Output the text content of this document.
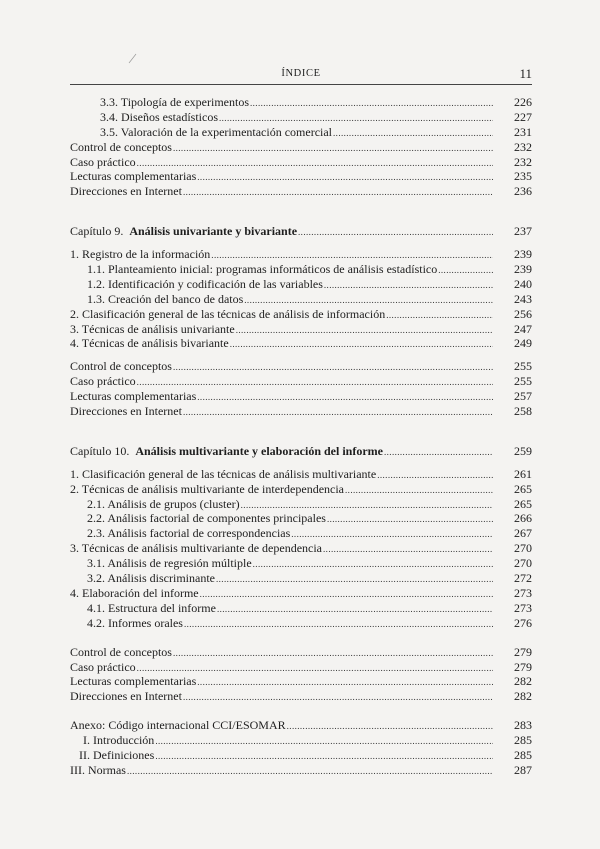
ÍNDICE	11
3.3. Tipología de experimentos .....	226
3.4. Diseños estadísticos .....	227
3.5. Valoración de la experimentación comercial .....	231
Control de conceptos .....	232
Caso práctico .....	232
Lecturas complementarias .....	235
Direcciones en Internet .....	236
Capítulo 9. Análisis univariante y bivariante .....	237
1. Registro de la información .....	239
1.1. Planteamiento inicial: programas informáticos de análisis estadístico .....	239
1.2. Identificación y codificación de las variables .....	240
1.3. Creación del banco de datos .....	243
2. Clasificación general de las técnicas de análisis de información .....	256
3. Técnicas de análisis univariante .....	247
4. Técnicas de análisis bivariante .....	249
Control de conceptos .....	255
Caso práctico .....	255
Lecturas complementarias .....	257
Direcciones en Internet .....	258
Capítulo 10. Análisis multivariante y elaboración del informe .....	259
1. Clasificación general de las técnicas de análisis multivariante .....	261
2. Técnicas de análisis multivariante de interdependencia .....	265
2.1. Análisis de grupos (cluster) .....	265
2.2. Análisis factorial de componentes principales .....	266
2.3. Análisis factorial de correspondencias .....	267
3. Técnicas de análisis multivariante de dependencia .....	270
3.1. Análisis de regresión múltiple .....	270
3.2. Análisis discriminante .....	272
4. Elaboración del informe .....	273
4.1. Estructura del informe .....	273
4.2. Informes orales .....	276
Control de conceptos .....	279
Caso práctico .....	279
Lecturas complementarias .....	282
Direcciones en Internet .....	282
Anexo: Código internacional CCI/ESOMAR .....	283
I. Introducción .....	285
II. Definiciones .....	285
III. Normas .....	287
